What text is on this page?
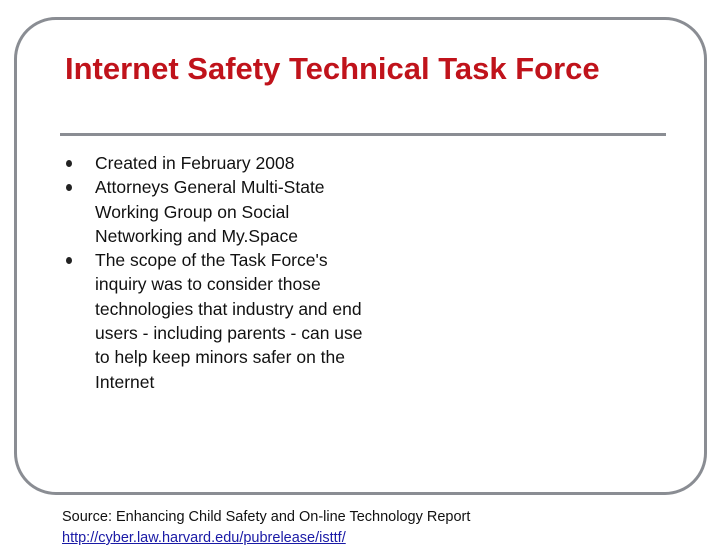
Internet Safety Technical Task Force
Created in February 2008
Attorneys General Multi-State Working Group on Social Networking and My.Space
The scope of the Task Force's inquiry was to consider those technologies that industry and end users - including parents - can use to help keep minors safer on the Internet
Source: Enhancing Child Safety and On-line Technology Report
http://cyber.law.harvard.edu/pubrelease/isttf/
